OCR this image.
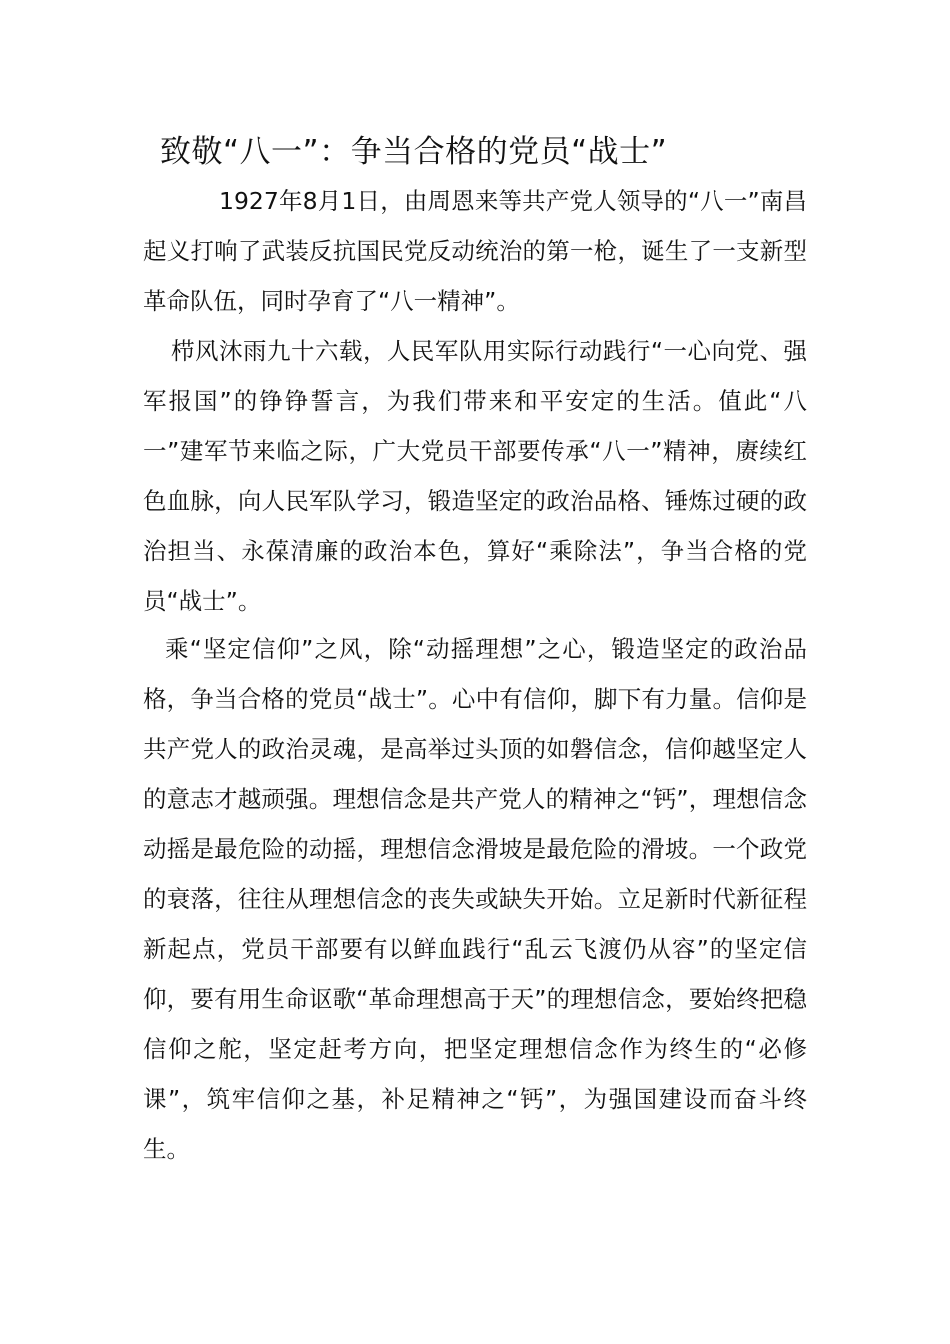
致敬“八一”：争当合格的党员“战士”

1927年8月1日，由周恩来等共产党人领导的“八一”南昌起义打响了武装反抗国民党反动统治的第一枪，诞生了一支新型革命队伍，同时孕育了“八一精神”。

栉风沐雨九十六载，人民军队用实际行动践行“一心向党、强军报国”的铮铮誓言，为我们带来和平安定的生活。值此“八一”建军节来临之际，广大党员干部要传承“八一”精神，赓续红色血脉，向人民军队学习，锻造坚定的政治品格、锤炼过硬的政治担当、永葆清廉的政治本色，算好“乘除法”，争当合格的党员“战士”。

乘“坚定信仰”之风，除“动摇理想”之心，锻造坚定的政治品格，争当合格的党员“战士”。心中有信仰，脚下有力量。信仰是共产党人的政治灵魂，是高举过头顶的如磐信念，信仰越坚定人的意志才越顽强。理想信念是共产党人的精神之“钙”，理想信念动摇是最危险的动摇，理想信念滑坡是最危险的滑坡。一个政党的衰落，往往从理想信念的丧失或缺失开始。立足新时代新征程新起点，党员干部要有以鲜血践行“乱云飞渡仍从容”的坚定信仰，要有用生命讴歌“革命理想高于天”的理想信念，要始终把稳信仰之舵，坚定赶考方向，把坚定理想信念作为终生的“必修课”，筑牢信仰之基，补足精神之“钙”，为强国建设而奋斗终生。
